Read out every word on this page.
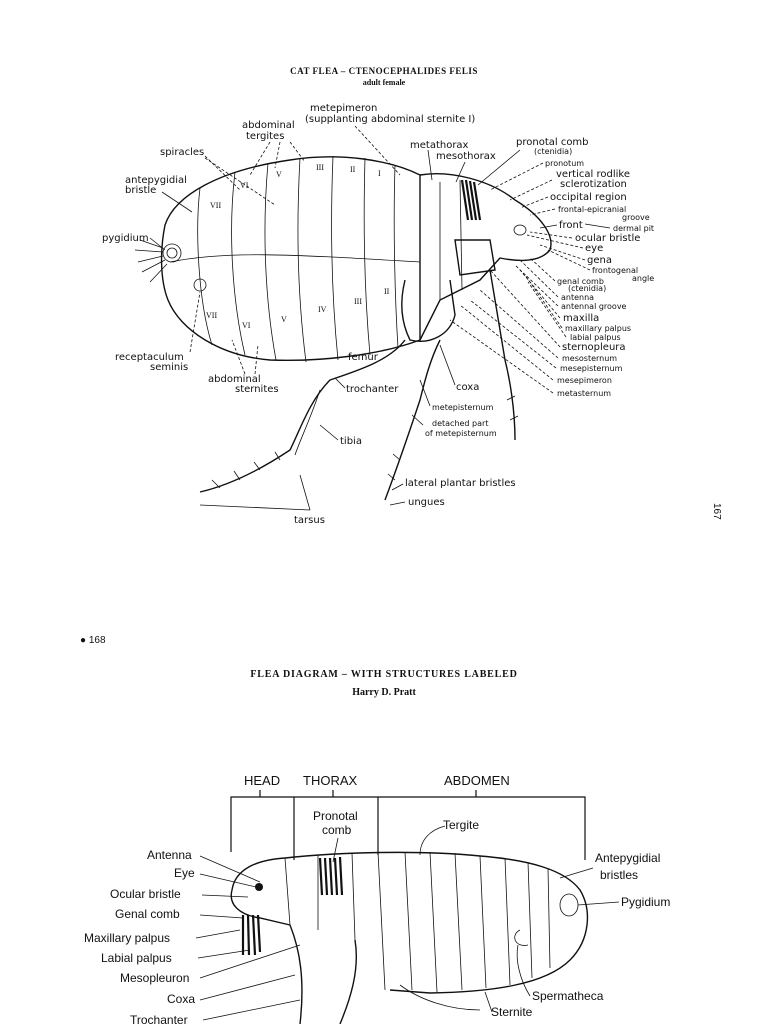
CAT FLEA – CTENOCEPHALIDES FELIS
adult female
167
● 168
FLEA DIAGRAM – WITH STRUCTURES LABELED
Harry D. Pratt
VII
VI
V
III	II	I
VII
VI
V
IV
III
II
metepimeron
(supplanting abdominal sternite I)
abdominal
tergites
spiracles
antepygidial
bristle
pygidium
receptaculum
seminis
abdominal
sternites
femur
trochanter
tibia
tarsus
coxa
metepisternum
detached part
of metepisternum
lateral plantar bristles
ungues
metathorax
mesothorax
pronotal comb
(ctenidia)
pronotum
vertical rodlike
sclerotization
occipital region
frontal-epicranial
groove
front	dermal pit
ocular bristle
eye
gena
frontogenal
angle
genal comb
(ctenidia)
antenna
antennal groove
maxilla
maxillary palpus
labial palpus
sternopleura
mesosternum
mesepisternum
mesepimeron
metasternum
HEAD THORAX	ABDOMEN
Pronotal
comb	Tergite
Antepygidial
bristles
Pygidium
Antenna
Eye
Ocular bristle
Genal comb
Maxillary palpus
Labial palpus
Mesopleuron
Coxa
Trochanter
Spermatheca
Sternite
